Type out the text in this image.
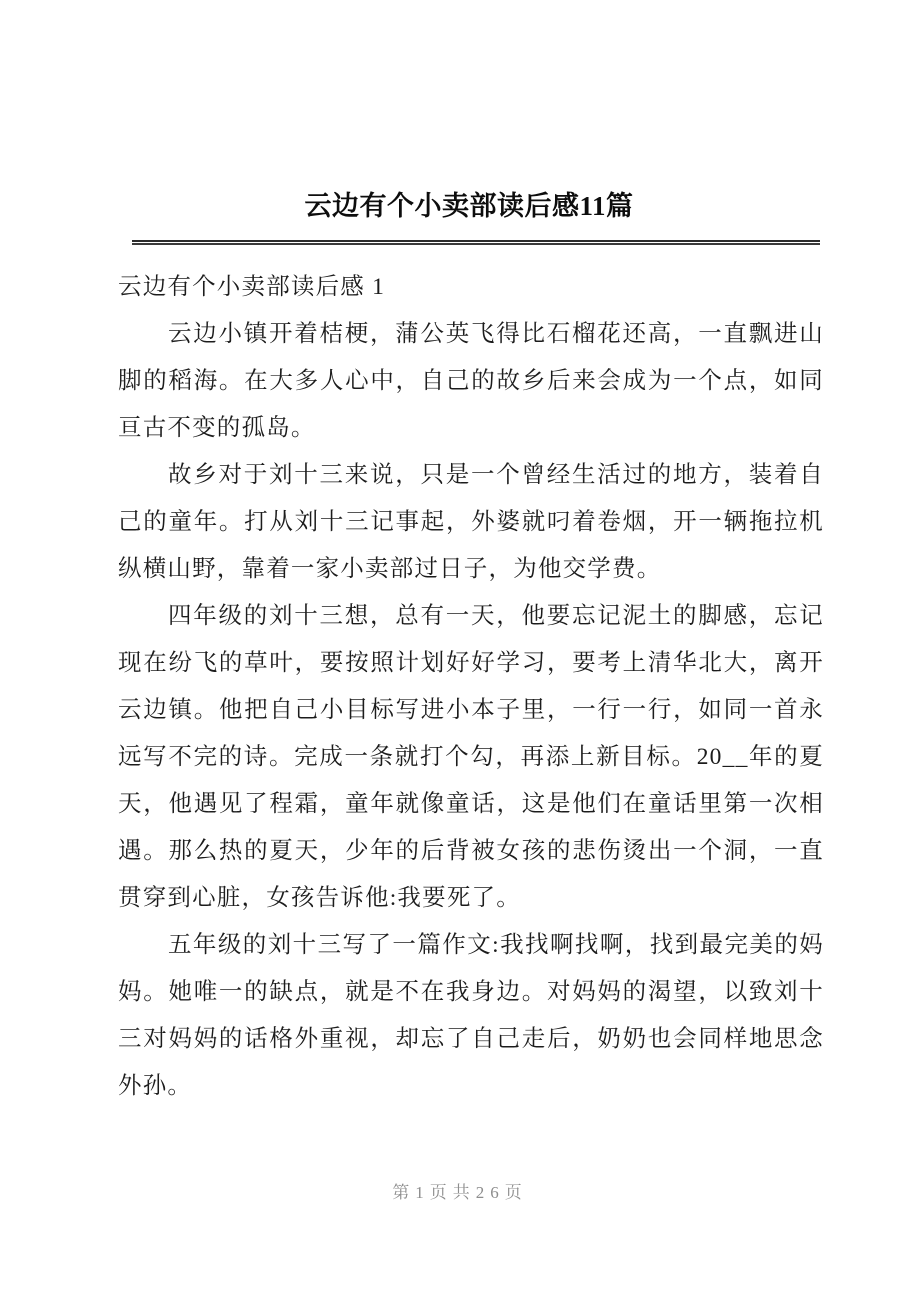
云边有个小卖部读后感11篇

云边有个小卖部读后感 1

云边小镇开着桔梗，蒲公英飞得比石榴花还高，一直飘进山脚的稻海。在大多人心中，自己的故乡后来会成为一个点，如同亘古不变的孤岛。

故乡对于刘十三来说，只是一个曾经生活过的地方，装着自己的童年。打从刘十三记事起，外婆就叼着卷烟，开一辆拖拉机纵横山野，靠着一家小卖部过日子，为他交学费。

四年级的刘十三想，总有一天，他要忘记泥土的脚感，忘记现在纷飞的草叶，要按照计划好好学习，要考上清华北大，离开云边镇。他把自己小目标写进小本子里，一行一行，如同一首永远写不完的诗。完成一条就打个勾，再添上新目标。20__年的夏天，他遇见了程霜，童年就像童话，这是他们在童话里第一次相遇。那么热的夏天，少年的后背被女孩的悲伤烫出一个洞，一直贯穿到心脏，女孩告诉他:我要死了。

五年级的刘十三写了一篇作文:我找啊找啊，找到最完美的妈妈。她唯一的缺点，就是不在我身边。对妈妈的渴望，以致刘十三对妈妈的话格外重视，却忘了自己走后，奶奶也会同样地思念外孙。

第1页共26页
